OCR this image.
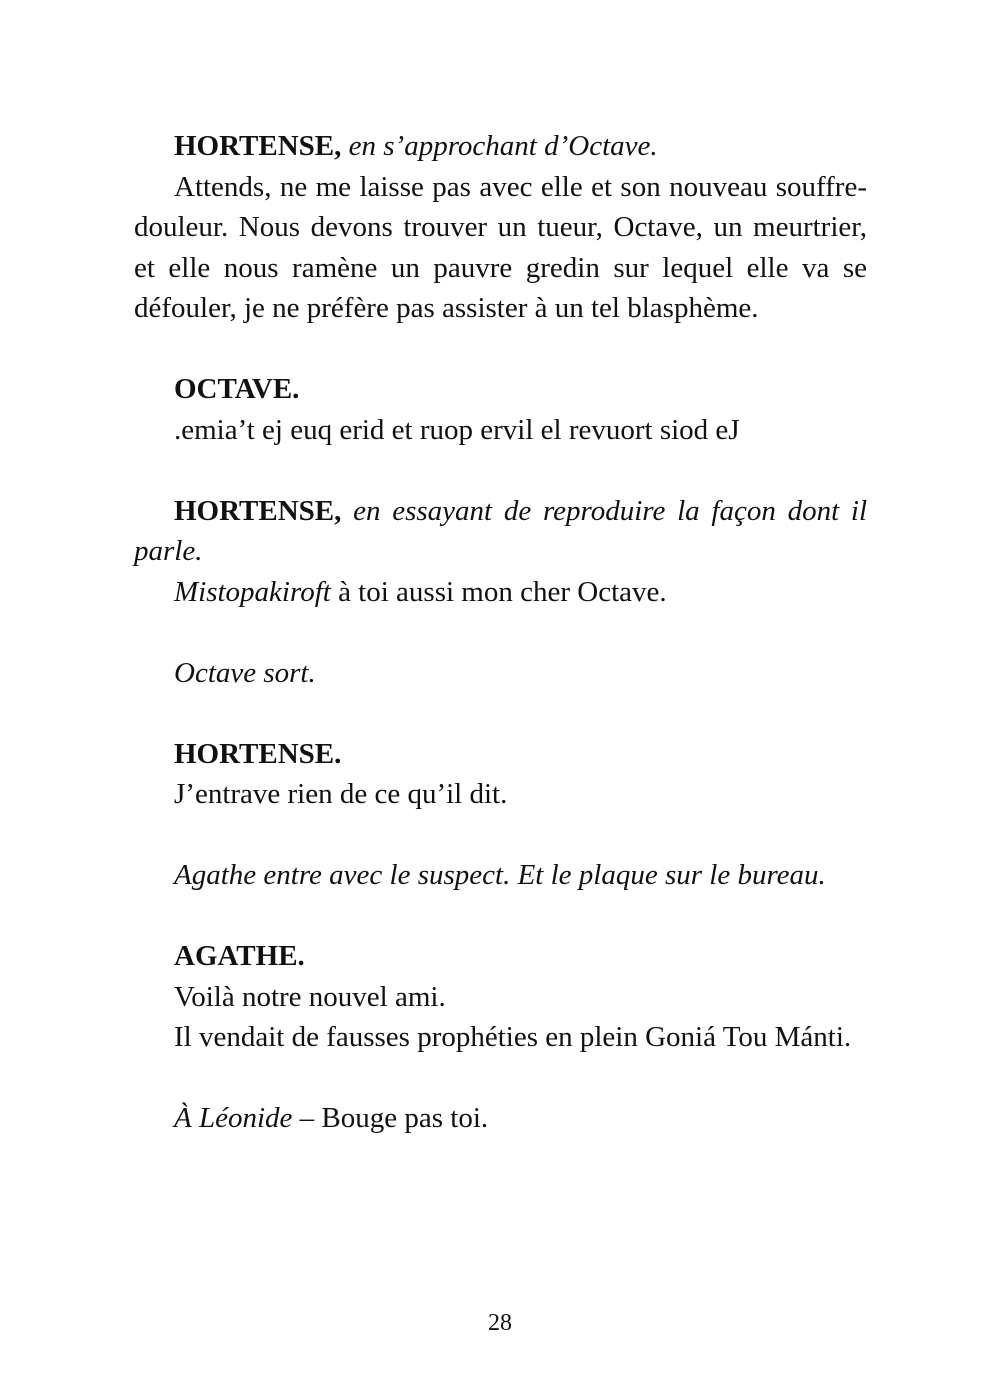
HORTENSE, en s’approchant d’Octave.

Attends, ne me laisse pas avec elle et son nouveau souffre-douleur. Nous devons trouver un tueur, Octave, un meurtrier, et elle nous ramène un pauvre gredin sur lequel elle va se défouler, je ne préfère pas assister à un tel blasphème.

OCTAVE.

.emia’t ej euq erid et ruop ervil el revuort siod eJ

HORTENSE, en essayant de reproduire la façon dont il parle.

Mistopakiroft à toi aussi mon cher Octave.

Octave sort.

HORTENSE.

J’entrave rien de ce qu’il dit.

Agathe entre avec le suspect. Et le plaque sur le bureau.

AGATHE.

Voilà notre nouvel ami.

Il vendait de fausses prophéties en plein Goniá Tou Mánti.

À Léonide – Bouge pas toi.

28
